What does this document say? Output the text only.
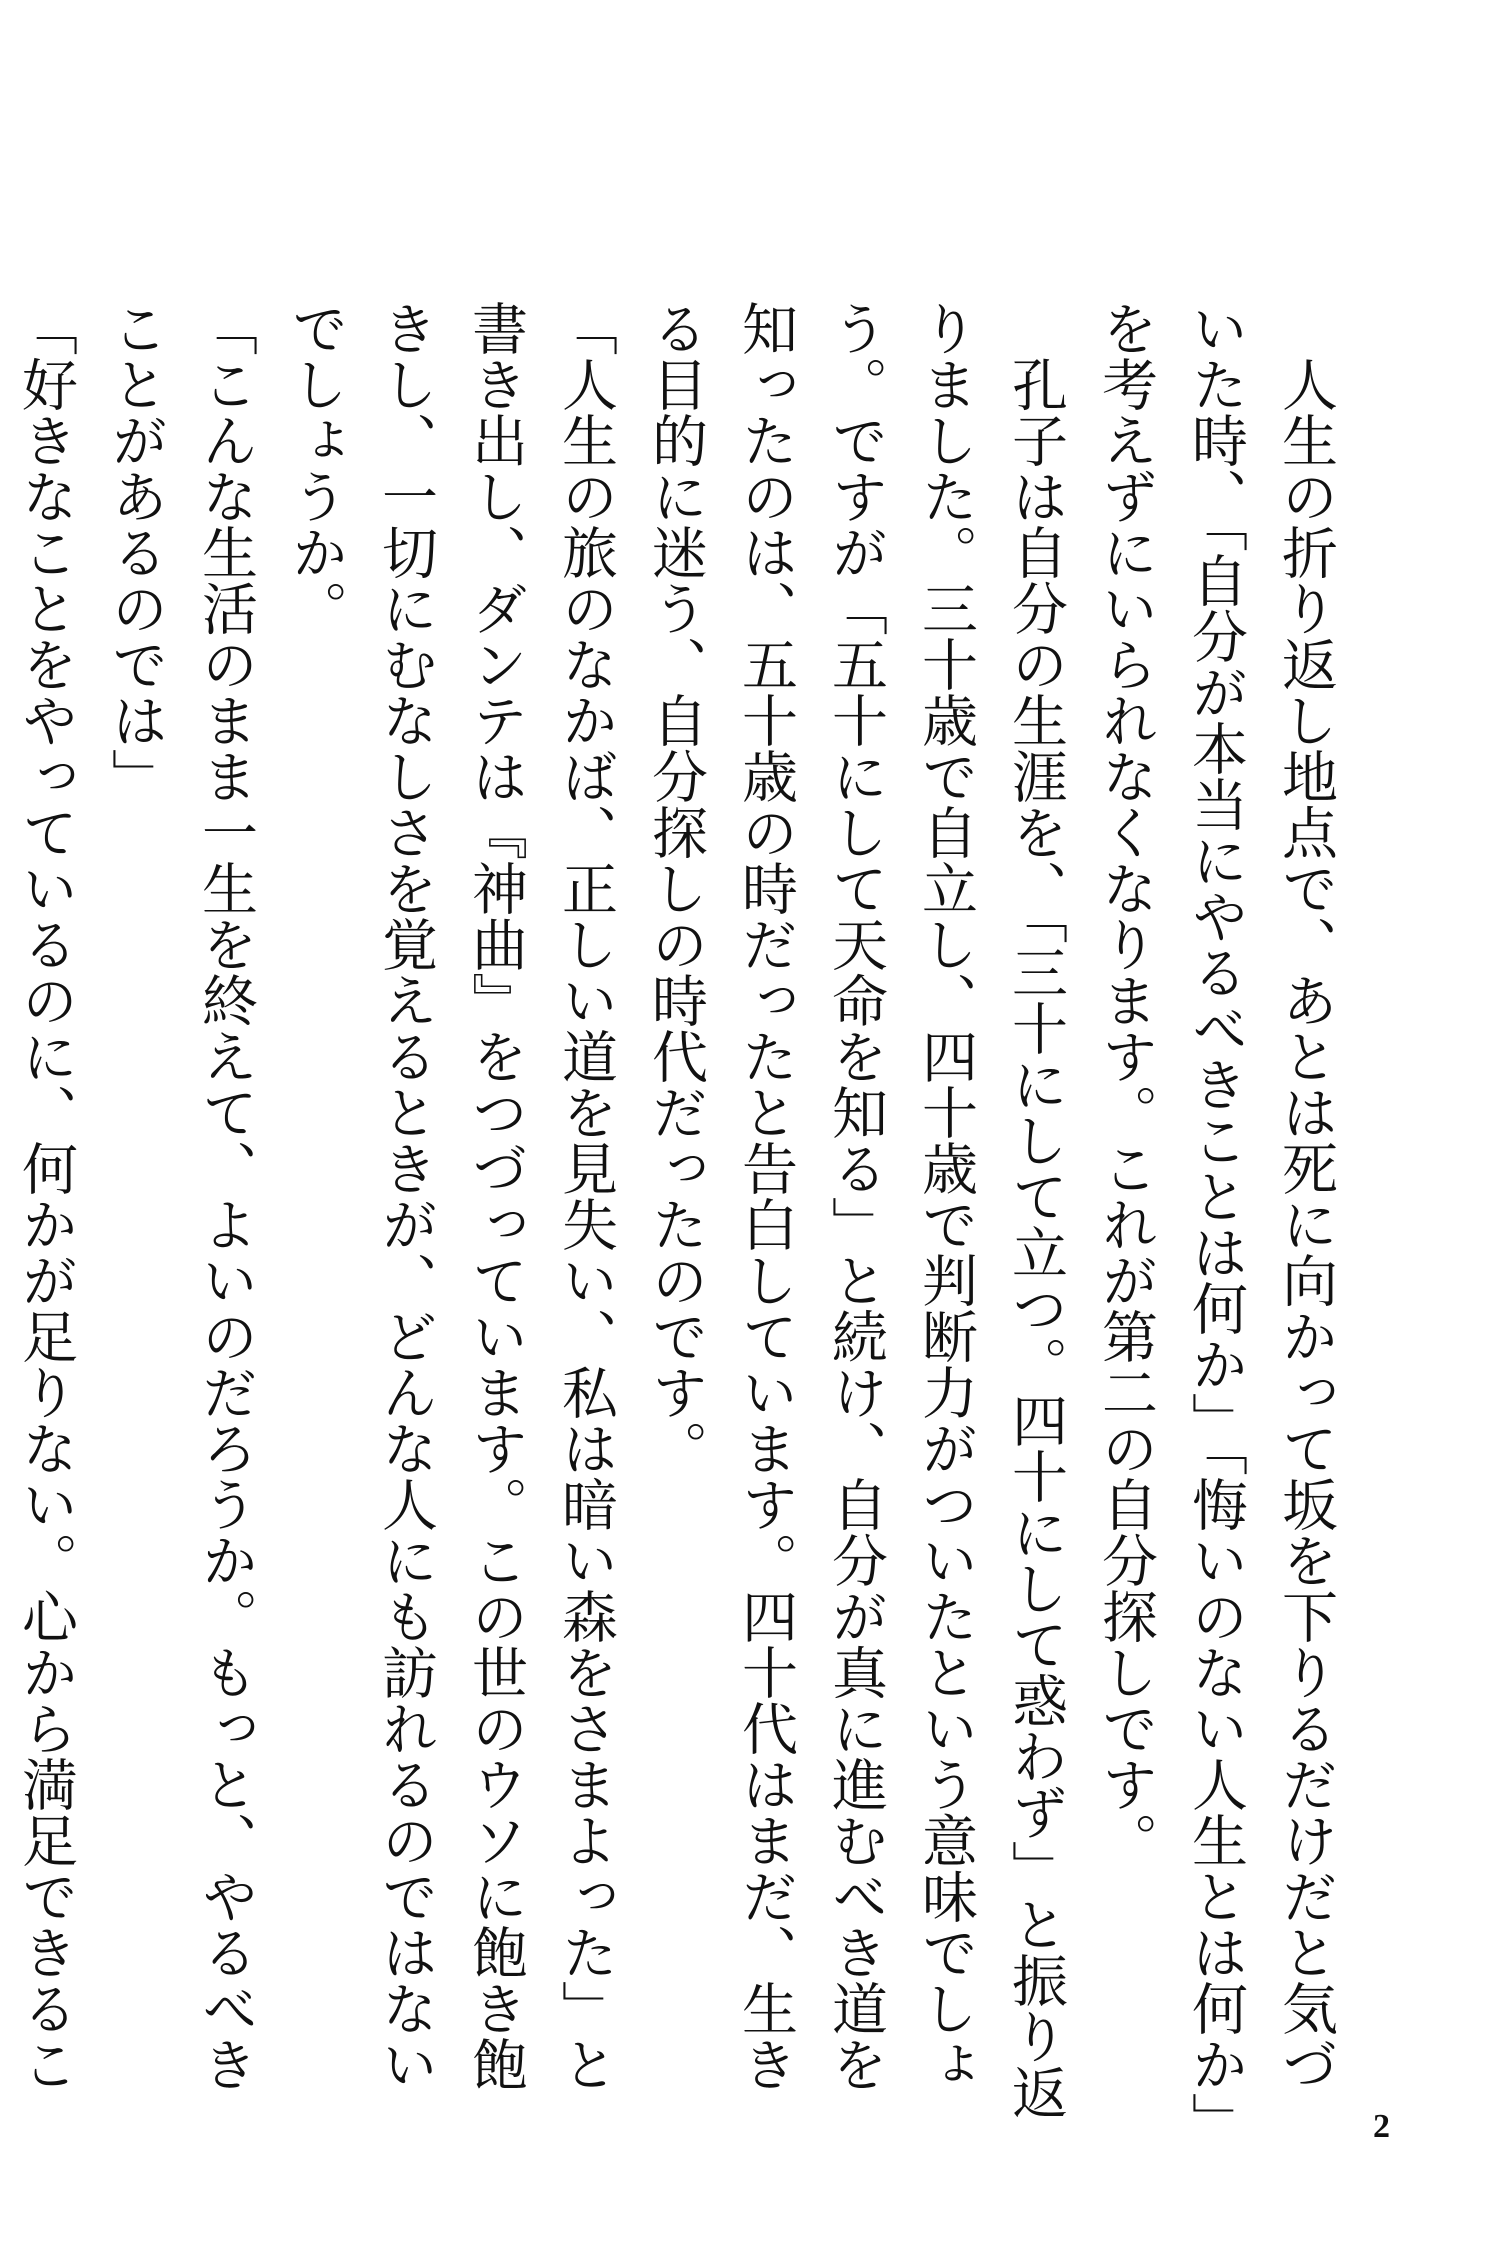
人生の折り返し地点で、あとは死に向かって坂を下りるだけだと気づいた時、「自分が本当にやるべきことは何か」「悔いのない人生とは何か」を考えずにいられなくなります。これが第二の自分探しです。

孔子は自分の生涯を、「三十にして立つ。四十にして惑わず」と振り返りました。三十歳で自立し、四十歳で判断力がついたという意味でしょう。ですが「五十にして天命を知る」と続け、自分が真に進むべき道を知ったのは、五十歳の時だったと告白しています。四十代はまだ、生きる目的に迷う、自分探しの時代だったのです。

「人生の旅のなかば、正しい道を見失い、私は暗い森をさまよった」と書き出し、ダンテは『神曲』をつづっています。この世のウソに飽き飽きし、一切にむなしさを覚えるときが、どんな人にも訪れるのではないでしょうか。

「こんな生活のまま一生を終えて、よいのだろうか。もっと、やるべきことがあるのでは」

「好きなことをやっているのに、何かが足りない。心から満足できるこ

2
